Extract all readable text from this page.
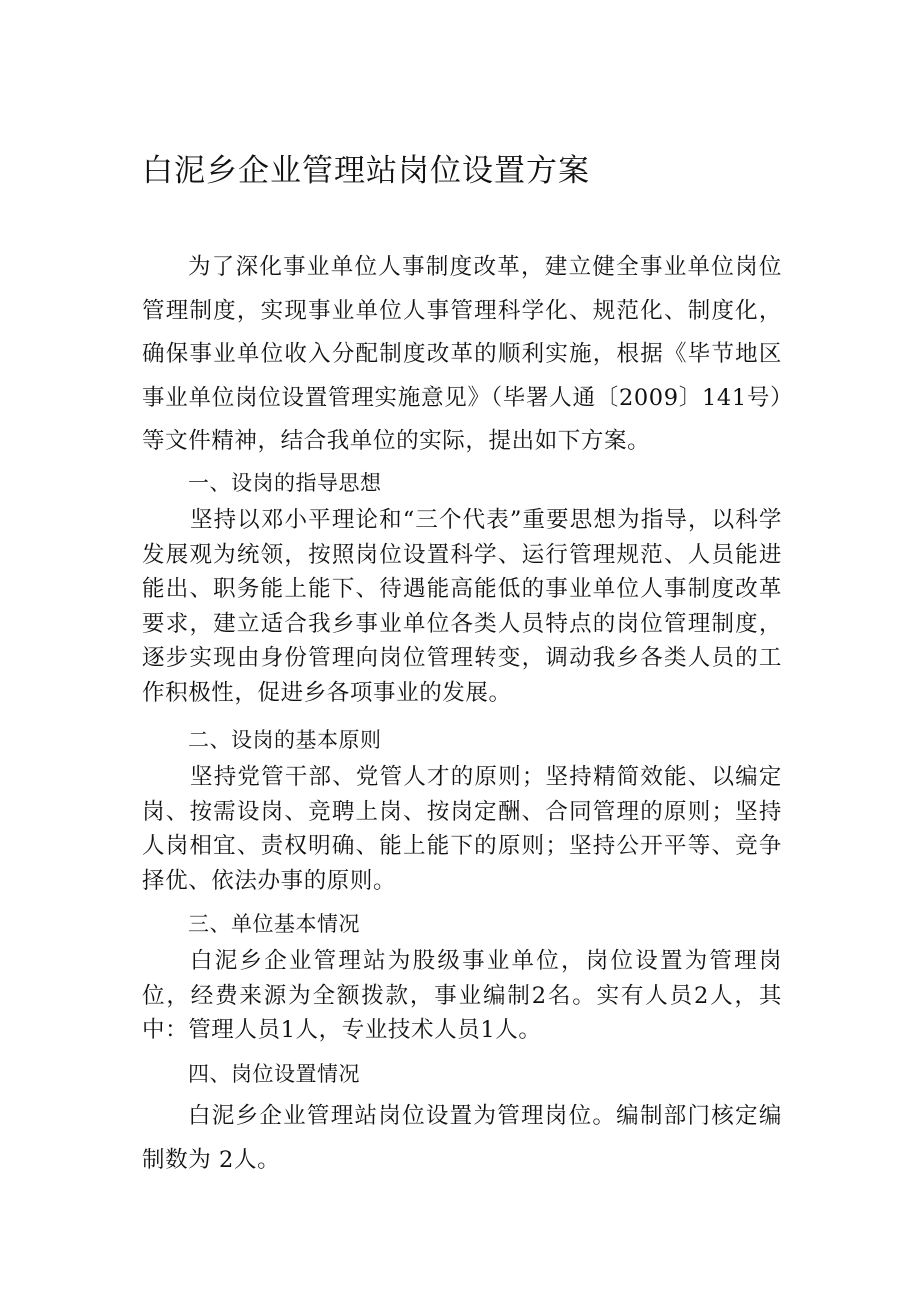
白泥乡企业管理站岗位设置方案
为了深化事业单位人事制度改革，建立健全事业单位岗位管理制度，实现事业单位人事管理科学化、规范化、制度化，确保事业单位收入分配制度改革的顺利实施，根据《毕节地区事业单位岗位设置管理实施意见》（毕署人通〔2009〕141号）等文件精神，结合我单位的实际，提出如下方案。
一、设岗的指导思想
坚持以邓小平理论和“三个代表”重要思想为指导，以科学发展观为统领，按照岗位设置科学、运行管理规范、人员能进能出、职务能上能下、待遇能高能低的事业单位人事制度改革要求，建立适合我乡事业单位各类人员特点的岗位管理制度，逐步实现由身份管理向岗位管理转变，调动我乡各类人员的工作积极性，促进乡各项事业的发展。
二、设岗的基本原则
坚持党管干部、党管人才的原则；坚持精简效能、以编定岗、按需设岗、竞聘上岗、按岗定酬、合同管理的原则；坚持人岗相宜、责权明确、能上能下的原则；坚持公开平等、竞争择优、依法办事的原则。
三、单位基本情况
白泥乡企业管理站为股级事业单位，岗位设置为管理岗位，经费来源为全额拨款，事业编制2名。实有人员2人，其中：管理人员1人，专业技术人员1人。
四、岗位设置情况
白泥乡企业管理站岗位设置为管理岗位。编制部门核定编制数为 2人。
